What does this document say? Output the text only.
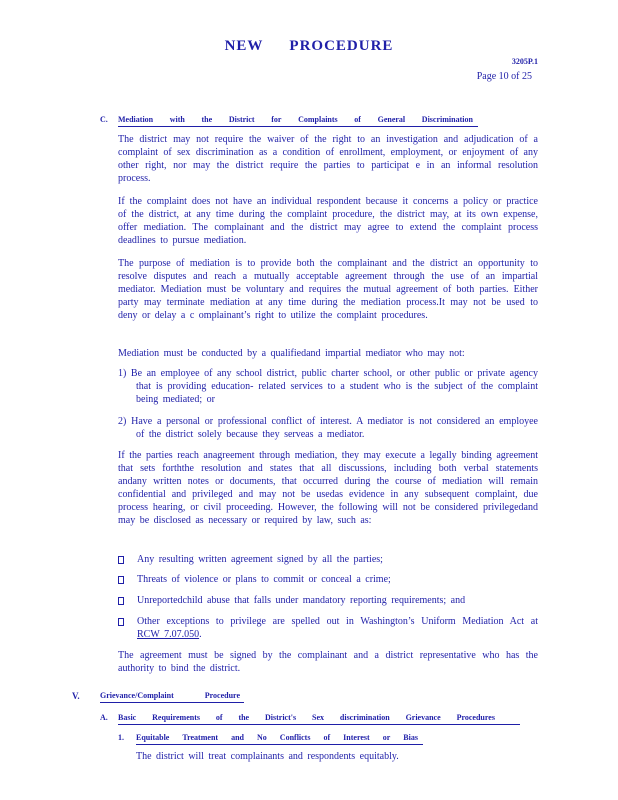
NEW PROCEDURE
3205P.1
Page 10 of 25
C. Mediation with the District for Complaints of General Discrimination
The district may not require the waiver of the right to an investigation and adjudication of a complaint of sex discrimination as a condition of enrollment, employment, or enjoyment of any other right, nor may the district require the parties to participat e in an informal resolution process.
If the complaint does not have an individual respondent because it concerns a policy or practice of the district, at any time during the complaint procedure, the district may, at its own expense, offer mediation. The complainant and the district may agree to extend the complaint process deadlines to pursue mediation.
The purpose of mediation is to provide both the complainant and the district an opportunity to resolve disputes and reach a mutually acceptable agreement through the use of an impartial mediator. Mediation must be voluntary and requires the mutual agreement of both parties. Either party may terminate mediation at any time during the mediation process.It may not be used to deny or delay a c omplainant’s right to utilize the complaint procedures.
Mediation must be conducted by a qualifiedand impartial mediator who may not:
1) Be an employee of any school district, public charter school, or other public or private agency that is providing education- related services to a student who is the subject of the complaint being mediated; or
2) Have a personal or professional conflict of interest. A mediator is not considered an employee of the district solely because they serveas a mediator.
If the parties reach anagreement through mediation, they may execute a legally binding agreement that sets forththe resolution and states that all discussions, including both verbal statements andany written notes or documents, that occurred during the course of mediation will remain confidential and privileged and may not be usedas evidence in any subsequent complaint, due process hearing, or civil proceeding. However, the following will not be considered privilegedand may be disclosed as necessary or required by law, such as:
Any resulting written agreement signed by all the parties;
Threats of violence or plans to commit or conceal a crime;
Unreportedchild abuse that falls under mandatory reporting requirements; and
Other exceptions to privilege are spelled out in Washington’s Uniform Mediation Act at RCW 7.07.050.
The agreement must be signed by the complainant and a district representative who has the authority to bind the district.
V.	Grievance/Complaint	Procedure
A. Basic Requirements of the District's Sex discrimination Grievance Procedures
1. Equitable Treatment and No Conflicts of Interest or Bias
The district will treat complainants and respondents equitably.
